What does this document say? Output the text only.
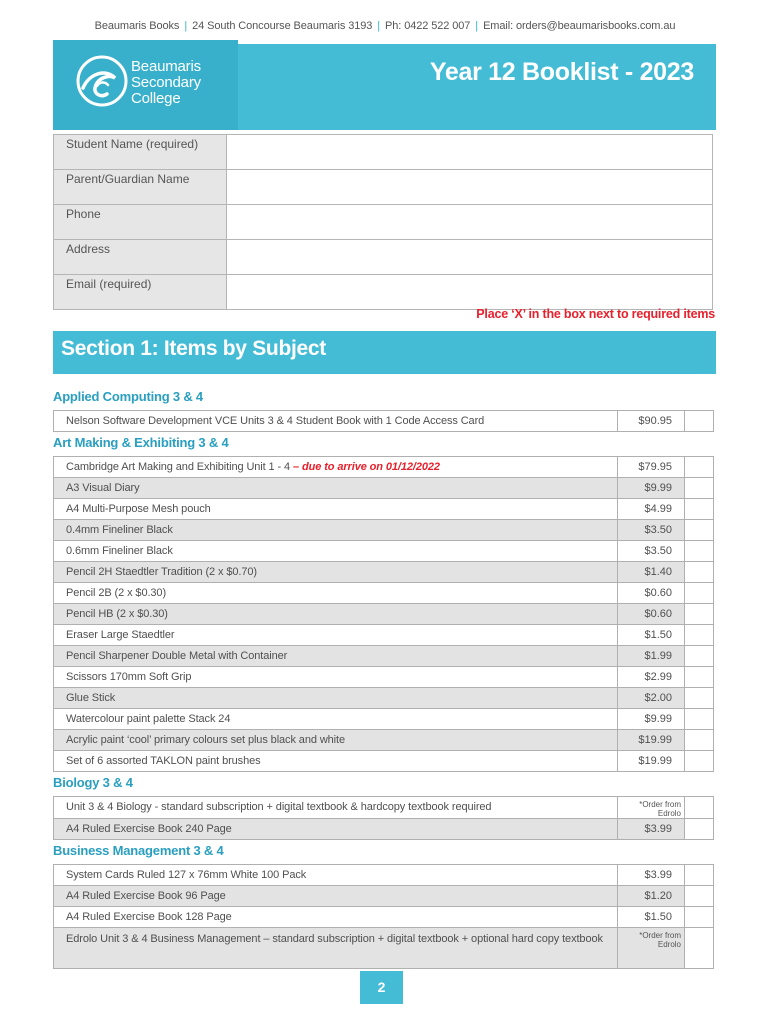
Beaumaris Books | 24 South Concourse Beaumaris 3193 | Ph: 0422 522 007 | Email: orders@beaumarisbooks.com.au
Year 12 Booklist - 2023
Beaumaris
Secondary
College
Student Name (required)	
Parent/Guardian Name	
Phone	
Address	
Email (required)	
Place ‘X’ in the box next to required items
Section 1: Items by Subject
Applied Computing 3 & 4
Nelson Software Development VCE Units 3 & 4 Student Book with 1 Code Access Card	$90.95	
Art Making & Exhibiting 3 & 4
Cambridge Art Making and Exhibiting Unit 1 - 4 – due to arrive on 01/12/2022	$79.95	
A3 Visual Diary	$9.99	
A4 Multi-Purpose Mesh pouch	$4.99	
0.4mm Fineliner Black	$3.50	
0.6mm Fineliner Black	$3.50	
Pencil 2H Staedtler Tradition (2 x $0.70)	$1.40	
Pencil 2B (2 x $0.30)	$0.60	
Pencil HB (2 x $0.30)	$0.60	
Eraser Large Staedtler	$1.50	
Pencil Sharpener Double Metal with Container	$1.99	
Scissors 170mm Soft Grip	$2.99	
Glue Stick	$2.00	
Watercolour paint palette Stack 24	$9.99	
Acrylic paint ‘cool’ primary colours set plus black and white	$19.99	
Set of 6 assorted TAKLON paint brushes	$19.99	
Biology 3 & 4
Unit 3 & 4 Biology - standard subscription + digital textbook & hardcopy textbook required	*Order from Edrolo	
A4 Ruled Exercise Book 240 Page	$3.99	
Business Management 3 & 4
System Cards Ruled 127 x 76mm White 100 Pack	$3.99	
A4 Ruled Exercise Book 96 Page	$1.20	
A4 Ruled Exercise Book 128 Page	$1.50	
Edrolo Unit 3 & 4 Business Management – standard subscription + digital textbook + optional hard copy textbook	*Order from Edrolo	
2
